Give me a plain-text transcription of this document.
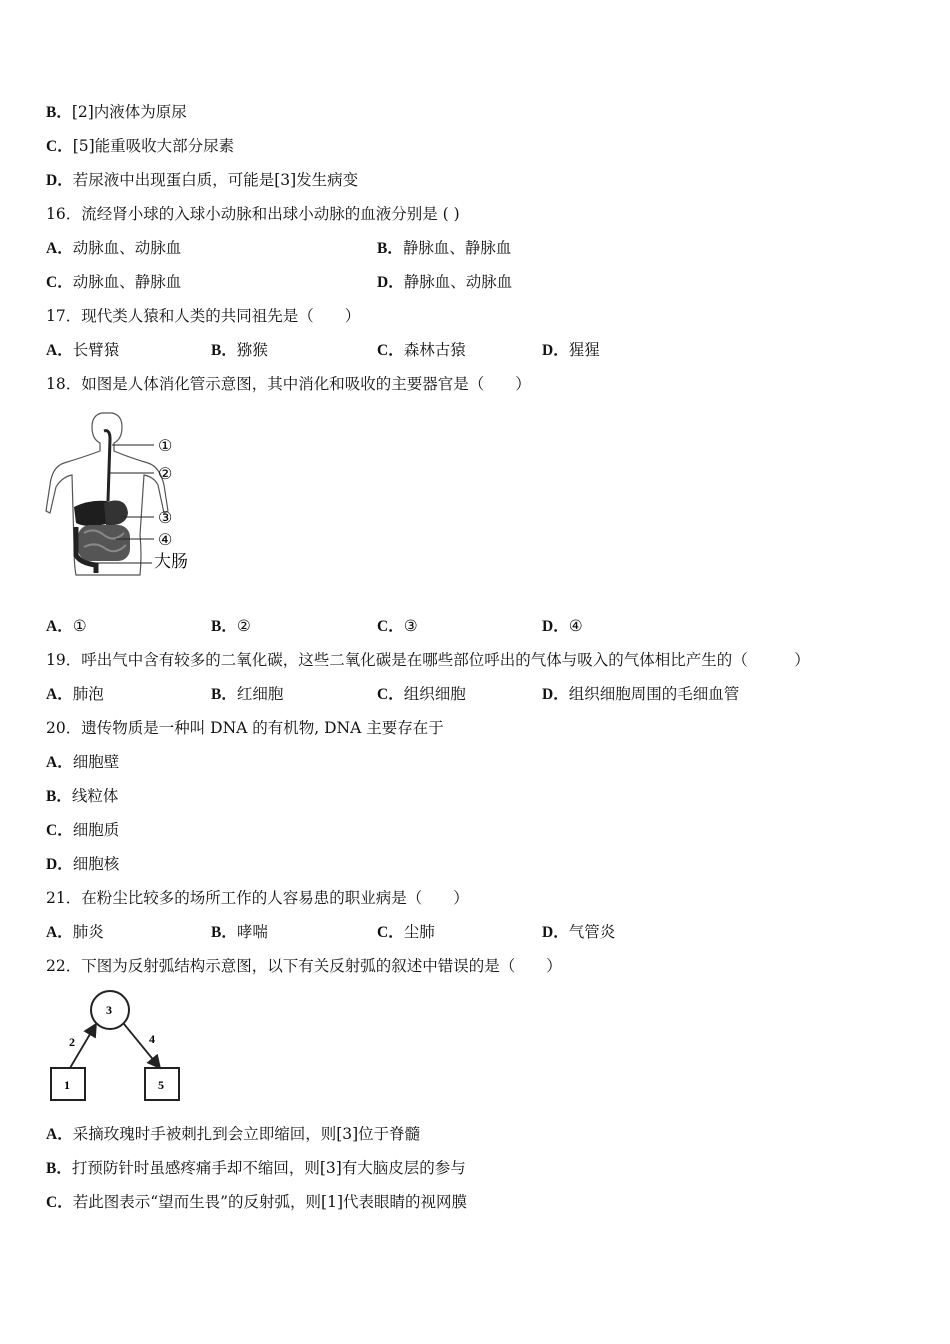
B．[2]内液体为原尿
C．[5]能重吸收大部分尿素
D．若尿液中出现蛋白质，可能是[3]发生病变
16．流经肾小球的入球小动脉和出球小动脉的血液分别是 ( )
A．动脉血、动脉血	B．静脉血、静脉血
C．动脉血、静脉血	D．静脉血、动脉血
17．现代类人猿和人类的共同祖先是（　　）
A．长臂猿	B．猕猴	C．森林古猿	D．猩猩
18．如图是人体消化管示意图，其中消化和吸收的主要器官是（　　）
①
②
③
④
大肠
A．①	B．②	C．③	D．④
19．呼出气中含有较多的二氧化碳，这些二氧化碳是在哪些部位呼出的气体与吸入的气体相比产生的（　　　）
A．肺泡	B．红细胞	C．组织细胞	D．组织细胞周围的毛细血管
20．遗传物质是一种叫 DNA 的有机物, DNA 主要存在于
A．细胞壁
B．线粒体
C．细胞质
D．细胞核
21．在粉尘比较多的场所工作的人容易患的职业病是（　　）
A．肺炎	B．哮喘	C．尘肺	D．气管炎
22．下图为反射弧结构示意图，以下有关反射弧的叙述中错误的是（　　）
1
2
3
4
5
A．采摘玫瑰时手被刺扎到会立即缩回，则[3]位于脊髓
B．打预防针时虽感疼痛手却不缩回，则[3]有大脑皮层的参与
C．若此图表示“望而生畏”的反射弧，则[1]代表眼睛的视网膜
